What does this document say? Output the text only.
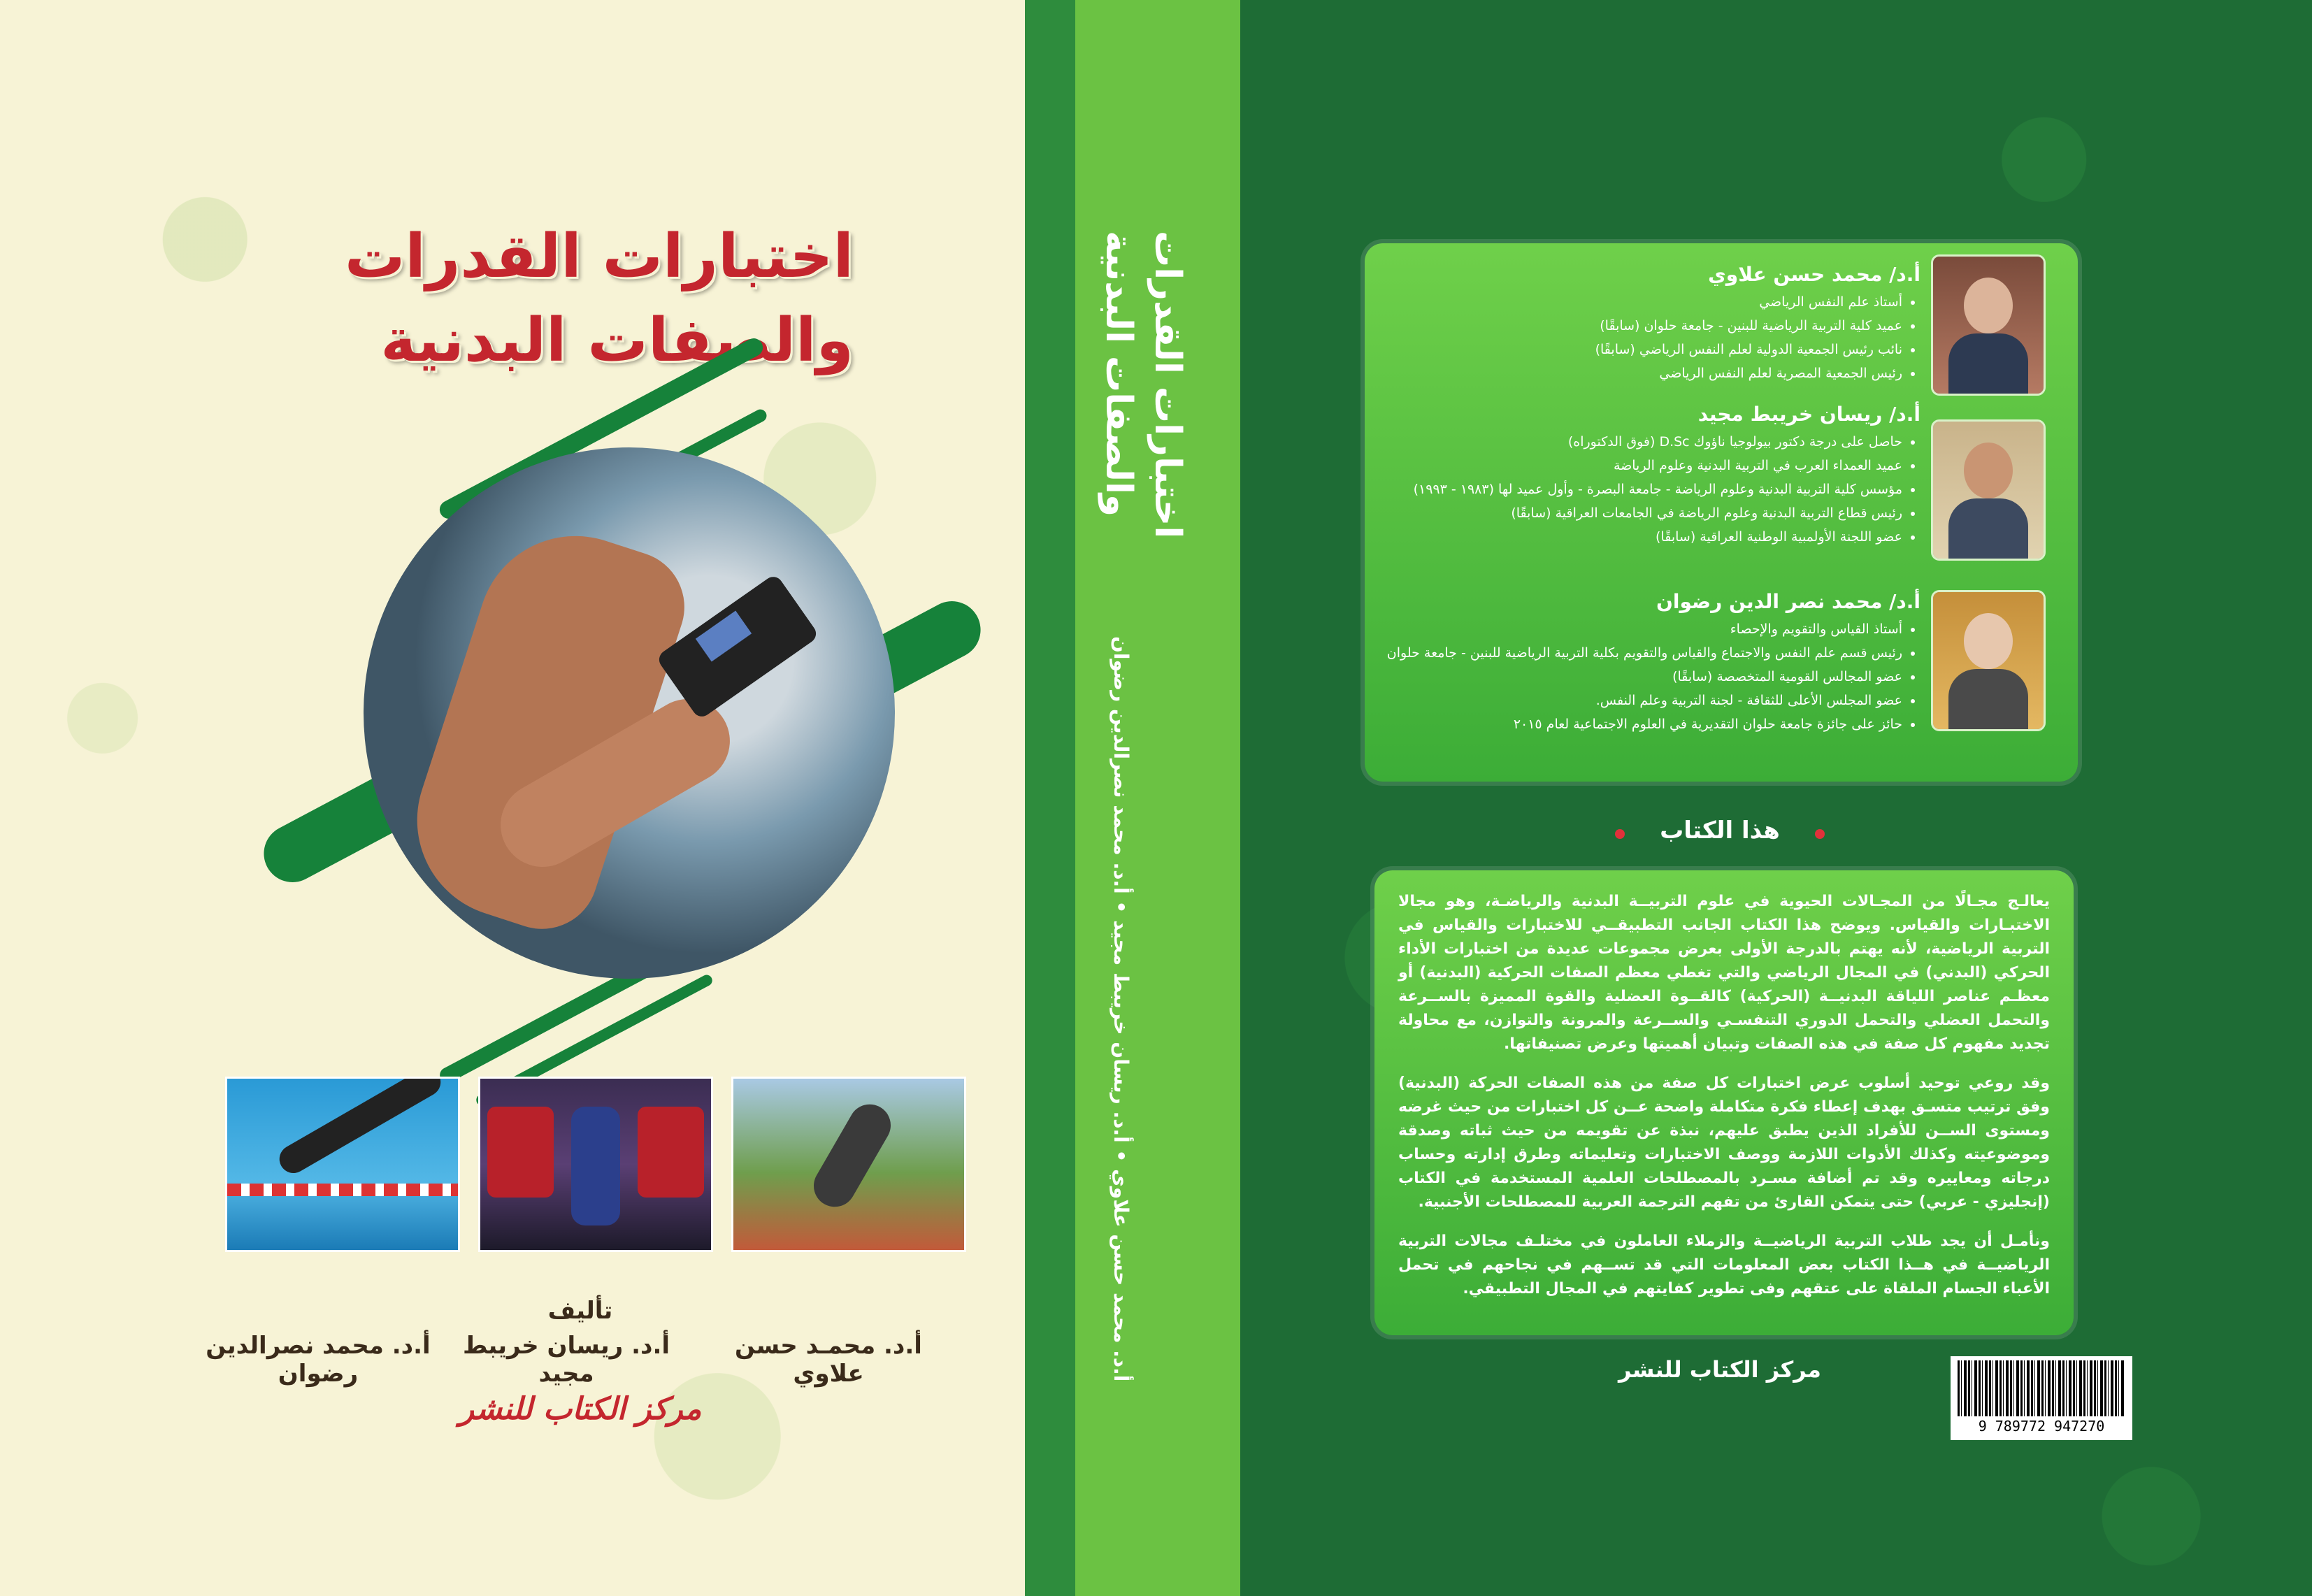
اختبارات القدرات
والصفات البدنية
تأليف
أ.د. محمـد حسن علاوي
أ.د. ريسان خريبط مجيد
أ.د. محمد نصرالدين رضوان
مركز الكتاب للنشر
اختبارات القدرات
والصفات البدنية
أ.د. محمد حسن علاوي • أ.د. ريسان خريبط مجيد • أ.د. محمد نصرالدين رضوان
أ.د/ محمد حسن علاوي
• أستاذ علم النفس الرياضي
• عميد كلية التربية الرياضية للبنين - جامعة حلوان (سابقًا)
• نائب رئيس الجمعية الدولية لعلم النفس الرياضي (سابقًا)
• رئيس الجمعية المصرية لعلم النفس الرياضي
أ.د/ ريسان خريبط مجيد
• حاصل على درجة دكتور بيولوجيا ناؤوك D.Sc (فوق الدكتوراه)
• عميد العمداء العرب في التربية البدنية وعلوم الرياضة
• مؤسس كلية التربية البدنية وعلوم الرياضة - جامعة البصرة - وأول عميد لها (١٩٨٣ - ١٩٩٣)
• رئيس قطاع التربية البدنية وعلوم الرياضة في الجامعات العراقية (سابقًا)
• عضو اللجنة الأولمبية الوطنية العراقية (سابقًا)
أ.د/ محمد نصر الدين رضوان
• أستاذ القياس والتقويم والإحصاء
• رئيس قسم علم النفس والاجتماع والقياس والتقويم بكلية التربية الرياضية للبنين - جامعة حلوان
• عضو المجالس القومية المتخصصة (سابقًا)
• عضو المجلس الأعلى للثقافة - لجنة التربية وعلم النفس.
• حائز على جائزة جامعة حلوان التقديرية في العلوم الاجتماعية لعام ٢٠١٥
هذا الكتاب

يعالـج مجـالًا من المجـالات الحيوية في علوم التربيــة البدنية والرياضـة، وهو مجالا الاختبـارات والقياس. ويوضح هذا الكتاب الجانب التطبيقــي للاختبارات والقياس في التربية الرياضية، لأنه يهتم بالدرجة الأولى بعرض مجموعات عديدة من اختبارات الأداء الحركي (البدني) في المجال الرياضي والتي تغطي معظم الصفات الحركية (البدنية) أو معظـم عناصر اللياقة البدنيــة (الحركية) كالقــوة العضلية والقوة المميزة بالســرعة والتحمل العضلي والتحمل الدوري التنفسـي والســرعة والمرونة والتوازن، مع محاولة تجديد مفهوم كل صفة في هذه الصفات وتبيان أهميتها وعرض تصنيفاتها.

وقد روعي توحيد أسلوب عرض اختبارات كل صفة من هذه الصفات الحركة (البدنية) وفق ترتيب متسـق بهدف إعطاء فكرة متكاملة واضحة عــن كل اختبارات من حيث غرضه ومستوى الســن للأفراد الذين يطبق عليهم، نبذة عن تقويمه من حيث ثباته وصدقة وموضوعيته وكذلك الأدوات اللازمة ووصف الاختبارات وتعليماته وطرق إدارته وحساب درجاته ومعاييره وقد تم أضافة مسـرد بالمصطلحات العلمية المستخدمة في الكتاب (إنجليزي - عربي) حتى يتمكن القارئ من تفهم الترجمة العربية للمصطلحات الأجنبية.

ونأمـل أن يجد طلاب التربية الرياضيــة والزملاء العاملون في مختلـف مجالات التربية الرياضيــة في هــذا الكتاب بعض المعلومات التي قد تســهم في نجاحهم في تحمل الأعباء الجسام الملقاة على عتقهم وفى تطوير كفايتهم في المجال التطبيقي.

مركز الكتاب للنشر
9 789772 947270
